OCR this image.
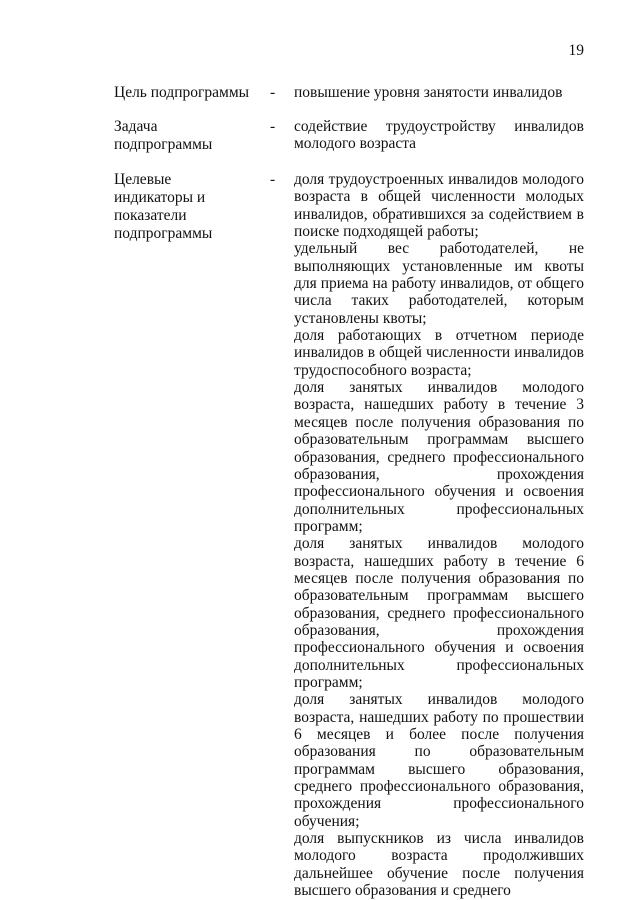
19
Цель подпрограммы	- повышение уровня занятости инвалидов

Задача подпрограммы
- содействие трудоустройству инвалидов молодого возраста

Целевые индикаторы и показатели подпрограммы
- доля трудоустроенных инвалидов молодого возраста в общей численности молодых инвалидов, обратившихся за содействием в поиске подходящей работы;

удельный вес работодателей, не выполняющих установленные им квоты для приема на работу инвалидов, от общего числа таких работодателей, которым установлены квоты;

доля работающих в отчетном периоде инвалидов в общей численности инвалидов трудоспособного возраста;

доля занятых инвалидов молодого возраста, нашедших работу в течение 3 месяцев после получения образования по образовательным программам высшего образования, среднего профессионального образования, прохождения профессионального обучения и освоения дополнительных профессиональных программ;

доля занятых инвалидов молодого возраста, нашедших работу в течение 6 месяцев после получения образования по образовательным программам высшего образования, среднего профессионального образования, прохождения профессионального обучения и освоения дополнительных профессиональных программ;

доля занятых инвалидов молодого возраста, нашедших работу по прошествии 6 месяцев и более после получения образования по образовательным программам высшего образования, среднего профессионального образования, прохождения профессионального обучения;

доля выпускников из числа инвалидов молодого возраста продолживших дальнейшее обучение после получения высшего образования и среднего
